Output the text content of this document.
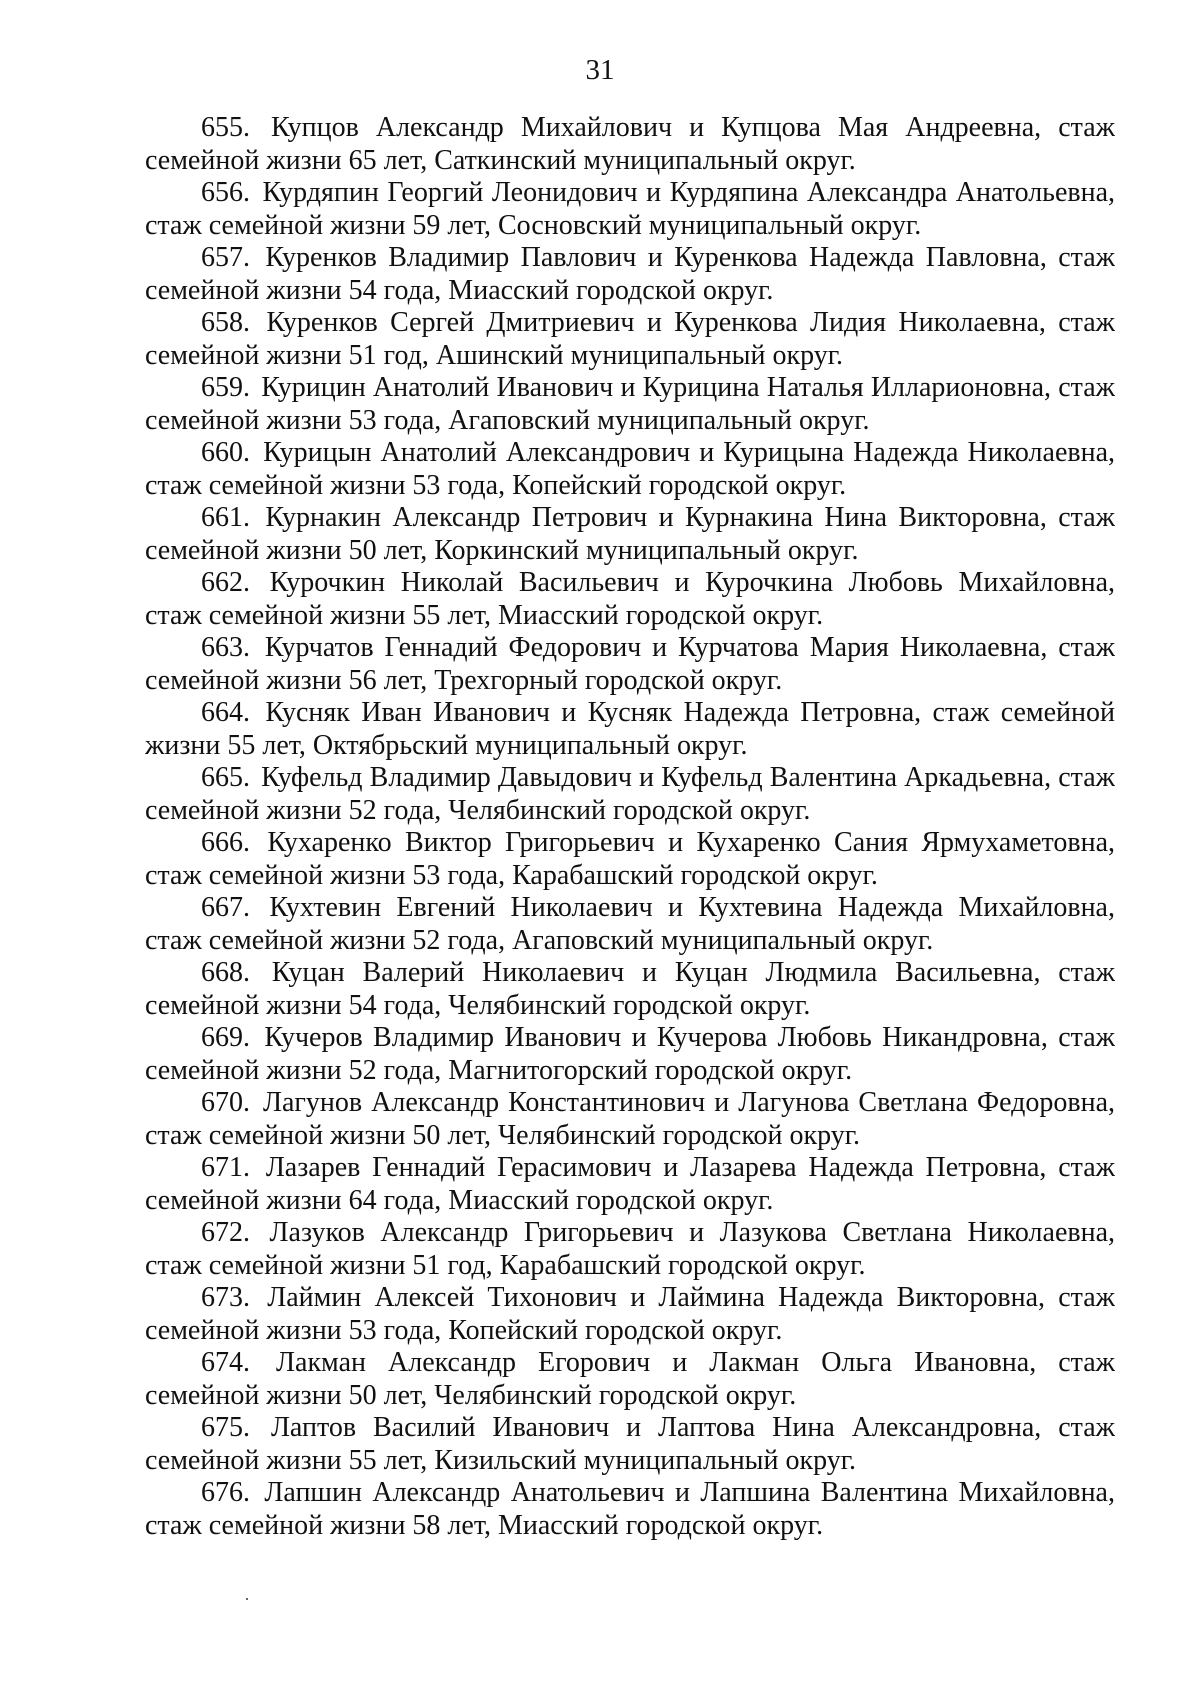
31

655. Купцов Александр Михайлович и Купцова Мая Андреевна, стаж семейной жизни 65 лет, Саткинский муниципальный округ.

656. Курдяпин Георгий Леонидович и Курдяпина Александра Анатольевна, стаж семейной жизни 59 лет, Сосновский муниципальный округ.

657. Куренков Владимир Павлович и Куренкова Надежда Павловна, стаж семейной жизни 54 года, Миасский городской округ.

658. Куренков Сергей Дмитриевич и Куренкова Лидия Николаевна, стаж семейной жизни 51 год, Ашинский муниципальный округ.

659. Курицин Анатолий Иванович и Курицина Наталья Илларионовна, стаж семейной жизни 53 года, Агаповский муниципальный округ.

660. Курицын Анатолий Александрович и Курицына Надежда Николаевна, стаж семейной жизни 53 года, Копейский городской округ.

661. Курнакин Александр Петрович и Курнакина Нина Викторовна, стаж семейной жизни 50 лет, Коркинский муниципальный округ.

662. Курочкин Николай Васильевич и Курочкина Любовь Михайловна, стаж семейной жизни 55 лет, Миасский городской округ.

663. Курчатов Геннадий Федорович и Курчатова Мария Николаевна, стаж семейной жизни 56 лет, Трехгорный городской округ.

664. Кусняк Иван Иванович и Кусняк Надежда Петровна, стаж семейной жизни 55 лет, Октябрьский муниципальный округ.

665. Куфельд Владимир Давыдович и Куфельд Валентина Аркадьевна, стаж семейной жизни 52 года, Челябинский городской округ.

666. Кухаренко Виктор Григорьевич и Кухаренко Сания Ярмухаметовна, стаж семейной жизни 53 года, Карабашский городской округ.

667. Кухтевин Евгений Николаевич и Кухтевина Надежда Михайловна, стаж семейной жизни 52 года, Агаповский муниципальный округ.

668. Куцан Валерий Николаевич и Куцан Людмила Васильевна, стаж семейной жизни 54 года, Челябинский городской округ.

669. Кучеров Владимир Иванович и Кучерова Любовь Никандровна, стаж семейной жизни 52 года, Магнитогорский городской округ.

670. Лагунов Александр Константинович и Лагунова Светлана Федоровна, стаж семейной жизни 50 лет, Челябинский городской округ.

671. Лазарев Геннадий Герасимович и Лазарева Надежда Петровна, стаж семейной жизни 64 года, Миасский городской округ.

672. Лазуков Александр Григорьевич и Лазукова Светлана Николаевна, стаж семейной жизни 51 год, Карабашский городской округ.

673. Лаймин Алексей Тихонович и Лаймина Надежда Викторовна, стаж семейной жизни 53 года, Копейский городской округ.

674. Лакман Александр Егорович и Лакман Ольга Ивановна, стаж семейной жизни 50 лет, Челябинский городской округ.

675. Лаптов Василий Иванович и Лаптова Нина Александровна, стаж семейной жизни 55 лет, Кизильский муниципальный округ.

676. Лапшин Александр Анатольевич и Лапшина Валентина Михайловна, стаж семейной жизни 58 лет, Миасский городской округ.
